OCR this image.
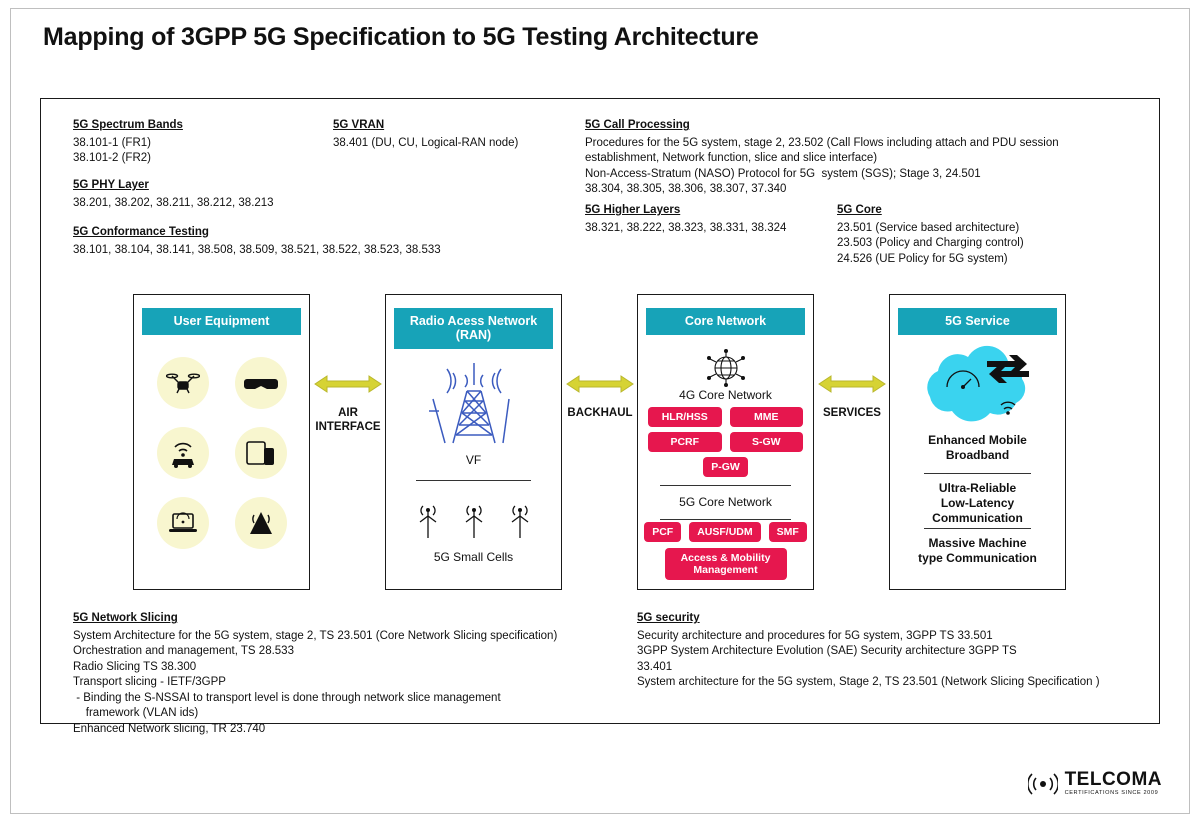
Mapping of 3GPP 5G Specification to 5G Testing Architecture
5G Spectrum Bands
38.101-1 (FR1)
38.101-2 (FR2)
5G PHY Layer
38.201, 38.202, 38.211, 38.212, 38.213
5G Conformance Testing
38.101, 38.104, 38.141, 38.508, 38.509, 38.521, 38.522, 38.523, 38.533
5G VRAN
38.401 (DU, CU, Logical-RAN node)
5G Call Processing
Procedures for the 5G system, stage 2, 23.502 (Call Flows including attach and PDU session
establishment, Network function, slice and slice interface)
Non-Access-Stratum (NASO) Protocol for 5G  system (SGS); Stage 3, 24.501
38.304, 38.305, 38.306, 38.307, 37.340
5G Higher Layers
38.321, 38.222, 38.323, 38.331, 38.324
5G Core
23.501 (Service based architecture)
23.503 (Policy and Charging control)
24.526 (UE Policy for 5G system)
5G Network Slicing
System Architecture for the 5G system, stage 2, TS 23.501 (Core Network Slicing specification)
Orchestration and management, TS 28.533
Radio Slicing TS 38.300
Transport slicing - IETF/3GPP
- Binding the S-NSSAI to transport level is done through network slice management
framework (VLAN ids)
Enhanced Network slicing, TR 23.740
5G security
Security architecture and procedures for 5G system, 3GPP TS 33.501
3GPP System Architecture Evolution (SAE) Security architecture 3GPP TS
33.401
System architecture for the 5G system, Stage 2, TS 23.501 (Network Slicing Specification )
User Equipment	Radio Acess Network
(RAN)
VF
5G Small Cells
Core Network
4G Core Network
HLR/HSS	MME
PCRF	S-GW
P-GW
5G Core Network
PCF	AUSF/UDM	SMF
Access & Mobility Management
5G Service
Enhanced Mobile
Broadband
Ultra-Reliable
Low-Latency
Communication
Massive Machine
type Communication
AIR
INTERFACE
BACKHAUL	SERVICES
TELCOMA
CERTIFICATIONS SINCE 2009
